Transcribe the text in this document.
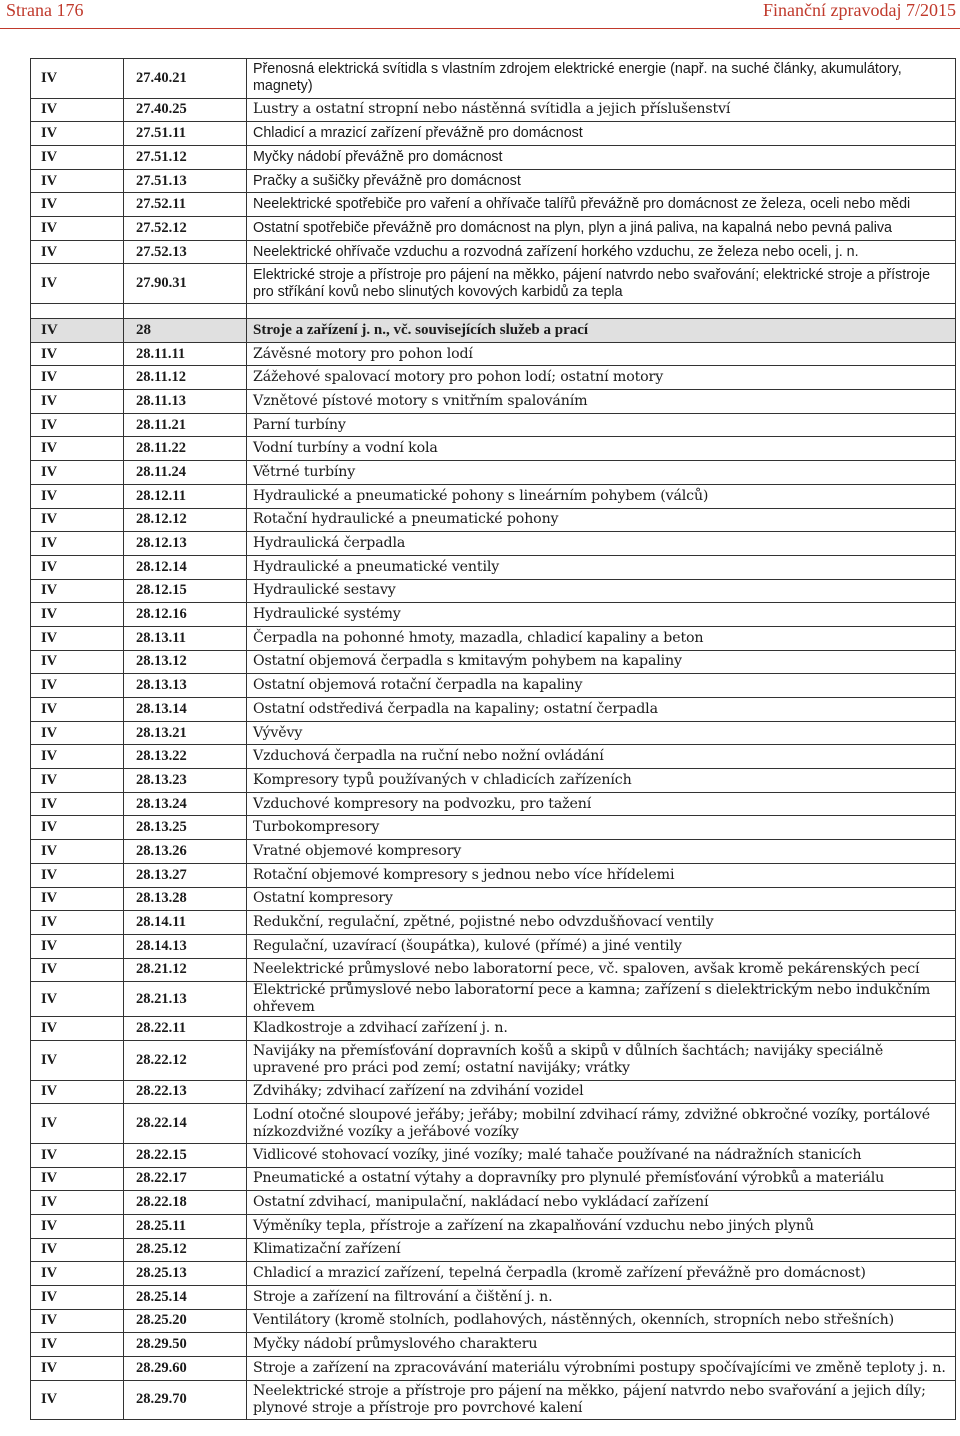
Strana 176	Finanční zpravodaj 7/2015
IV	27.40.21	Přenosná elektrická svítidla s vlastním zdrojem elektrické energie (např. na suché články, akumulátory, magnety)
IV	27.40.25	Lustry a ostatní stropní nebo nástěnná svítidla a jejich příslušenství
IV	27.51.11	Chladicí a mrazicí zařízení převážně pro domácnost
IV	27.51.12	Myčky nádobí převážně pro domácnost
IV	27.51.13	Pračky a sušičky převážně pro domácnost
IV	27.52.11	Neelektrické spotřebiče pro vaření a ohřívače talířů převážně pro domácnost ze železa, oceli nebo mědi
IV	27.52.12	Ostatní spotřebiče převážně pro domácnost na plyn, plyn a jiná paliva, na kapalná nebo pevná paliva
IV	27.52.13	Neelektrické ohřívače vzduchu a rozvodná zařízení horkého vzduchu, ze železa nebo oceli, j. n.
IV	27.90.31	Elektrické stroje a přístroje pro pájení na měkko, pájení natvrdo nebo svařování; elektrické stroje a přístroje pro stříkání kovů nebo slinutých kovových karbidů za tepla

IV	28	Stroje a zařízení j. n., vč. souvisejících služeb a prací
IV	28.11.11	Závěsné motory pro pohon lodí
IV	28.11.12	Zážehové spalovací motory pro pohon lodí; ostatní motory
IV	28.11.13	Vznětové pístové motory s vnitřním spalováním
IV	28.11.21	Parní turbíny
IV	28.11.22	Vodní turbíny a vodní kola
IV	28.11.24	Větrné turbíny
IV	28.12.11	Hydraulické a pneumatické pohony s lineárním pohybem (válců)
IV	28.12.12	Rotační hydraulické a pneumatické pohony
IV	28.12.13	Hydraulická čerpadla
IV	28.12.14	Hydraulické a pneumatické ventily
IV	28.12.15	Hydraulické sestavy
IV	28.12.16	Hydraulické systémy
IV	28.13.11	Čerpadla na pohonné hmoty, mazadla, chladicí kapaliny a beton
IV	28.13.12	Ostatní objemová čerpadla s kmitavým pohybem na kapaliny
IV	28.13.13	Ostatní objemová rotační čerpadla na kapaliny
IV	28.13.14	Ostatní odstředivá čerpadla na kapaliny; ostatní čerpadla
IV	28.13.21	Vývěvy
IV	28.13.22	Vzduchová čerpadla na ruční nebo nožní ovládání
IV	28.13.23	Kompresory typů používaných v chladicích zařízeních
IV	28.13.24	Vzduchové kompresory na podvozku, pro tažení
IV	28.13.25	Turbokompresory
IV	28.13.26	Vratné objemové kompresory
IV	28.13.27	Rotační objemové kompresory s jednou nebo více hřídelemi
IV	28.13.28	Ostatní kompresory
IV	28.14.11	Redukční, regulační, zpětné, pojistné nebo odvzdušňovací ventily
IV	28.14.13	Regulační, uzavírací (šoupátka), kulové (přímé) a jiné ventily
IV	28.21.12	Neelektrické průmyslové nebo laboratorní pece, vč. spaloven, avšak kromě pekárenských pecí
IV	28.21.13	Elektrické průmyslové nebo laboratorní pece a kamna; zařízení s dielektrickým nebo indukčním ohřevem
IV	28.22.11	Kladkostroje a zdvihací zařízení j. n.
IV	28.22.12	Navijáky na přemísťování dopravních košů a skipů v důlních šachtách; navijáky speciálně upravené pro práci pod zemí; ostatní navijáky; vrátky
IV	28.22.13	Zdviháky; zdvihací zařízení na zdvihání vozidel
IV	28.22.14	Lodní otočné sloupové jeřáby; jeřáby; mobilní zdvihací rámy, zdvižné obkročné vozíky, portálové nízkozdvižné vozíky a jeřábové vozíky
IV	28.22.15	Vidlicové stohovací vozíky, jiné vozíky; malé tahače používané na nádražních stanicích
IV	28.22.17	Pneumatické a ostatní výtahy a dopravníky pro plynulé přemísťování výrobků a materiálu
IV	28.22.18	Ostatní zdvihací, manipulační, nakládací nebo vykládací zařízení
IV	28.25.11	Výměníky tepla, přístroje a zařízení na zkapalňování vzduchu nebo jiných plynů
IV	28.25.12	Klimatizační zařízení
IV	28.25.13	Chladicí a mrazicí zařízení, tepelná čerpadla (kromě zařízení převážně pro domácnost)
IV	28.25.14	Stroje a zařízení na filtrování a čištění j. n.
IV	28.25.20	Ventilátory (kromě stolních, podlahových, nástěnných, okenních, stropních nebo střešních)
IV	28.29.50	Myčky nádobí průmyslového charakteru
IV	28.29.60	Stroje a zařízení na zpracovávání materiálu výrobními postupy spočívajícími ve změně teploty j. n.
IV	28.29.70	Neelektrické stroje a přístroje pro pájení na měkko, pájení natvrdo nebo svařování a jejich díly; plynové stroje a přístroje pro povrchové kalení
